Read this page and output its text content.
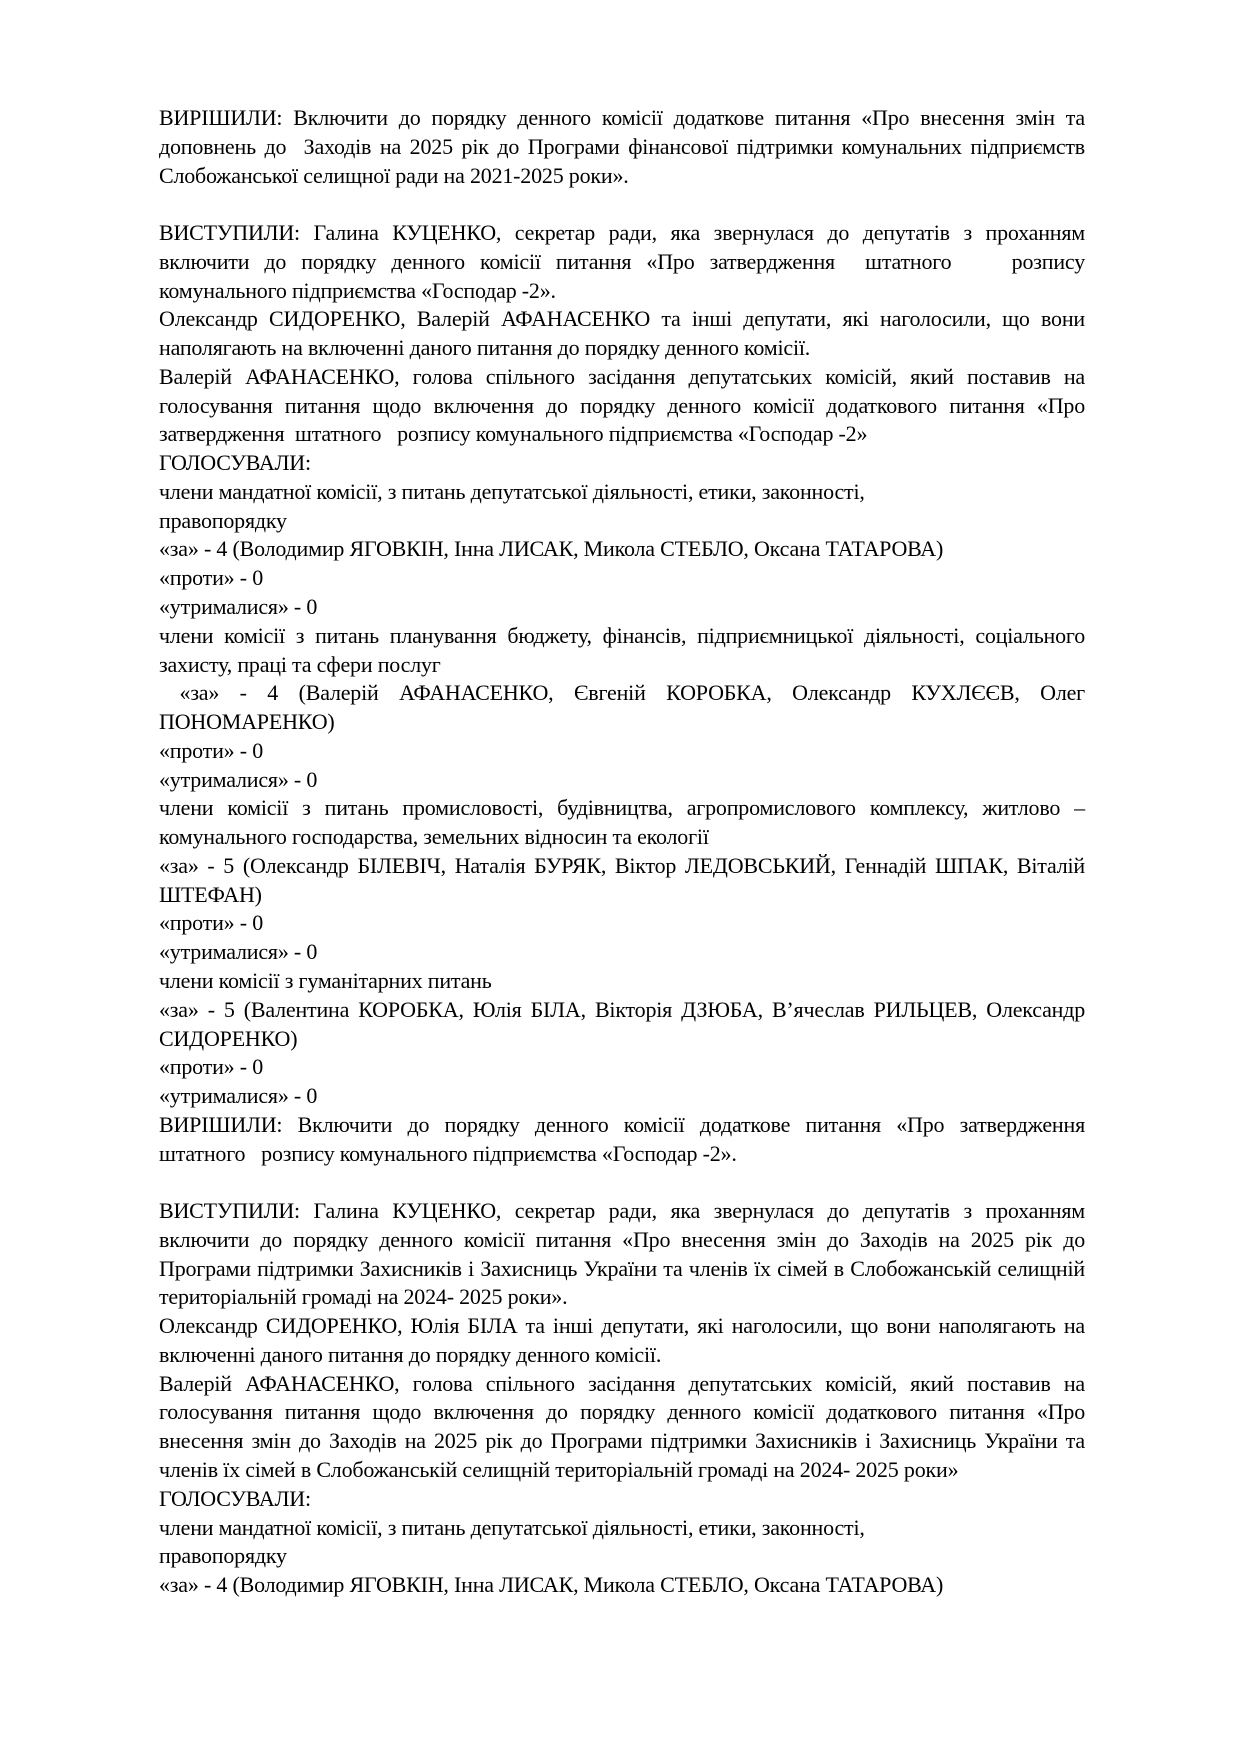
ВИРІШИЛИ: Включити до порядку денного комісії додаткове питання «Про внесення змін та доповнень до  Заходів на 2025 рік до Програми фінансової підтримки комунальних підприємств  Слобожанської селищної ради на 2021-2025 роки».

ВИСТУПИЛИ: Галина КУЦЕНКО, секретар ради, яка звернулася до депутатів з проханням включити до порядку денного комісії питання «Про затвердження  штатного    розпису комунального підприємства «Господар -2».

Олександр СИДОРЕНКО, Валерій АФАНАСЕНКО та інші депутати, які наголосили, що вони наполягають на включенні даного питання до порядку денного комісії.

Валерій АФАНАСЕНКО, голова спільного засідання депутатських комісій, який поставив на голосування питання щодо включення до порядку денного комісії додаткового питання «Про затвердження  штатного   розпису комунального підприємства «Господар -2»

ГОЛОСУВАЛИ:

члени мандатної комісії, з питань депутатської діяльності, етики, законності,

правопорядку

«за» - 4 (Володимир ЯГОВКІН, Інна ЛИСАК, Микола СТЕБЛО, Оксана ТАТАРОВА)

«проти» - 0

«утрималися» - 0

члени комісії з питань планування бюджету, фінансів, підприємницької діяльності, соціального захисту, праці та сфери послуг

«за» - 4 (Валерій АФАНАСЕНКО, Євгеній КОРОБКА, Олександр КУХЛЄЄВ, Олег ПОНОМАРЕНКО)

«проти» - 0

«утрималися» - 0

члени комісії з питань промисловості, будівництва, агропромислового комплексу, житлово – комунального господарства, земельних відносин та екології

«за» - 5 (Олександр БІЛЕВІЧ, Наталія БУРЯК, Віктор ЛЕДОВСЬКИЙ, Геннадій ШПАК, Віталій ШТЕФАН)

«проти» - 0

«утрималися» - 0

члени комісії з гуманітарних питань

«за» - 5 (Валентина КОРОБКА, Юлія БІЛА, Вікторія ДЗЮБА, В’ячеслав РИЛЬЦЕВ, Олександр СИДОРЕНКО)

«проти» - 0

«утрималися» - 0

ВИРІШИЛИ: Включити до порядку денного комісії додаткове питання «Про затвердження штатного   розпису комунального підприємства «Господар -2».

ВИСТУПИЛИ: Галина КУЦЕНКО, секретар ради, яка звернулася до депутатів з проханням включити до порядку денного комісії питання «Про внесення змін до Заходів на 2025 рік до Програми підтримки Захисників і Захисниць України та членів їх сімей в Слобожанській селищній територіальній громаді на 2024- 2025 роки».

Олександр СИДОРЕНКО, Юлія БІЛА та інші депутати, які наголосили, що вони наполягають на включенні даного питання до порядку денного комісії.

Валерій АФАНАСЕНКО, голова спільного засідання депутатських комісій, який поставив на голосування питання щодо включення до порядку денного комісії додаткового питання «Про внесення змін до Заходів на 2025 рік до Програми підтримки Захисників і Захисниць України та членів їх сімей в Слобожанській селищній територіальній громаді на 2024- 2025 роки»

ГОЛОСУВАЛИ:

члени мандатної комісії, з питань депутатської діяльності, етики, законності,

правопорядку

«за» - 4 (Володимир ЯГОВКІН, Інна ЛИСАК, Микола СТЕБЛО, Оксана ТАТАРОВА)
